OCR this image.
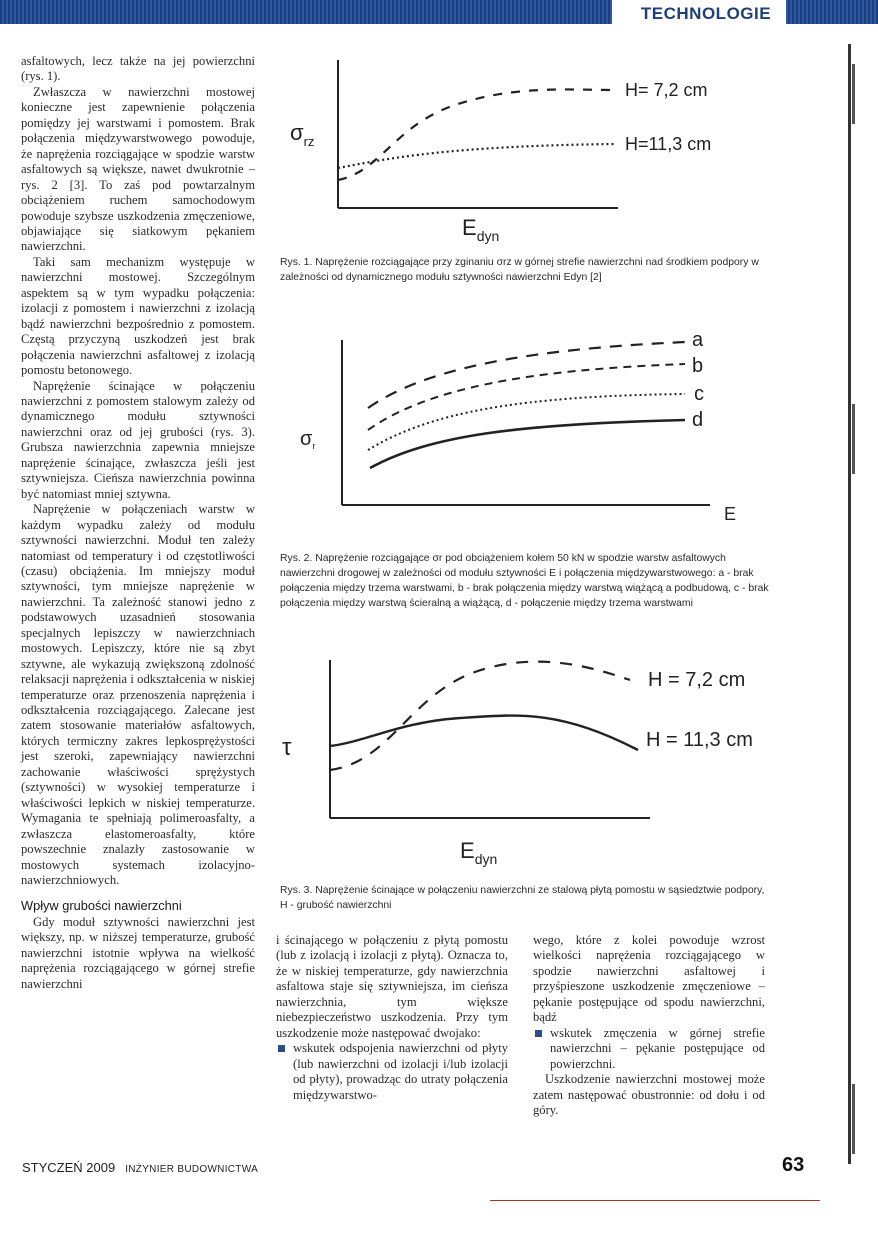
TECHNOLOGIE

asfaltowych, lecz także na jej powierzchni (rys. 1).

Zwłaszcza w nawierzchni mostowej konieczne jest zapewnienie połączenia pomiędzy jej warstwami i pomostem. Brak połączenia międzywarstwowego powoduje, że naprężenia rozciągające w spodzie warstw asfaltowych są większe, nawet dwukrotnie – rys. 2 [3]. To zaś pod powtarzalnym obciążeniem ruchem samochodowym powoduje szybsze uszkodzenia zmęczeniowe, objawiające się siatkowym pękaniem nawierzchni.

Taki sam mechanizm występuje w nawierzchni mostowej. Szczególnym aspektem są w tym wypadku połączenia: izolacji z pomostem i nawierzchni z izolacją bądź nawierzchni bezpośrednio z pomostem. Częstą przyczyną uszkodzeń jest brak połączenia nawierzchni asfaltowej z izolacją pomostu betonowego.

Naprężenie ścinające w połączeniu nawierzchni z pomostem stalowym zależy od dynamicznego modułu sztywności nawierzchni oraz od jej grubości (rys. 3). Grubsza nawierzchnia zapewnia mniejsze naprężenie ścinające, zwłaszcza jeśli jest sztywniejsza. Cieńsza nawierzchnia powinna być natomiast mniej sztywna.

Naprężenie w połączeniach warstw w każdym wypadku zależy od modułu sztywności nawierzchni. Moduł ten zależy natomiast od temperatury i od częstotliwości (czasu) obciążenia. Im mniejszy moduł sztywności, tym mniejsze naprężenie w nawierzchni. Ta zależność stanowi jedno z podstawowych uzasadnień stosowania specjalnych lepiszczy w nawierzchniach mostowych. Lepiszczy, które nie są zbyt sztywne, ale wykazują zwiększoną zdolność relaksacji naprężenia i odkształcenia w niskiej temperaturze oraz przenoszenia naprężenia i odkształcenia rozciągającego. Zalecane jest zatem stosowanie materiałów asfaltowych, których termiczny zakres lepkosprężystości jest szeroki, zapewniający nawierzchni zachowanie właściwości sprężystych (sztywności) w wysokiej temperaturze i właściwości lepkich w niskiej temperaturze. Wymagania te spełniają polimeroasfalty, a zwłaszcza elastomeroasfalty, które powszechnie znalazły zastosowanie w mostowych systemach izolacyjno-nawierzchniowych.

Wpływ grubości nawierzchni

Gdy moduł sztywności nawierzchni jest większy, np. w niższej temperaturze, grubość nawierzchni istotnie wpływa na wielkość naprężenia rozciągającego w górnej strefie nawierzchni

$\sigma_{rz}$
$E_{dyn}$
H= 7,2 cm
H=11,3 cm
Rys. 1. Naprężenie rozciągające przy zginaniu σrz w górnej strefie nawierzchni nad środkiem podpory w zależności od dynamicznego modułu sztywności nawierzchni Edyn [2]
$\sigma_r$
E
a
b
c
d
Rys. 2. Naprężenie rozciągające σr pod obciążeniem kołem 50 kN w spodzie warstw asfaltowych nawierzchni drogowej w zależności od modułu sztywności E i połączenia międzywarstwowego: a - brak połączenia między trzema warstwami, b - brak połączenia między warstwą wiążącą a podbudową, c - brak połączenia między warstwą ścieralną a wiążącą, d - połączenie między trzema warstwami
τ
$E_{dyn}$
H = 7,2 cm
H = 11,3 cm
Rys. 3. Naprężenie ścinające w połączeniu nawierzchni ze stalową płytą pomostu w sąsiedztwie podpory, H - grubość nawierzchni

i ścinającego w połączeniu z płytą pomostu (lub z izolacją i izolacji z płytą). Oznacza to, że w niskiej temperaturze, gdy nawierzchnia asfaltowa staje się sztywniejsza, im cieńsza nawierzchnia, tym większe niebezpieczeństwo uszkodzenia. Przy tym uszkodzenie może następować dwojako:

wskutek odspojenia nawierzchni od płyty (lub nawierzchni od izolacji i/lub izolacji od płyty), prowadząc do utraty połączenia międzywarstwo-

wego, które z kolei powoduje wzrost wielkości naprężenia rozciągającego w spodzie nawierzchni asfaltowej i przyśpieszone uszkodzenie zmęczeniowe – pękanie postępujące od spodu nawierzchni, bądź

wskutek zmęczenia w górnej strefie nawierzchni – pękanie postępujące od powierzchni.

Uszkodzenie nawierzchni mostowej może zatem następować obustronnie: od dołu i od góry.

STYCZEŃ 2009 INŻYNIER BUDOWNICTWA	63
